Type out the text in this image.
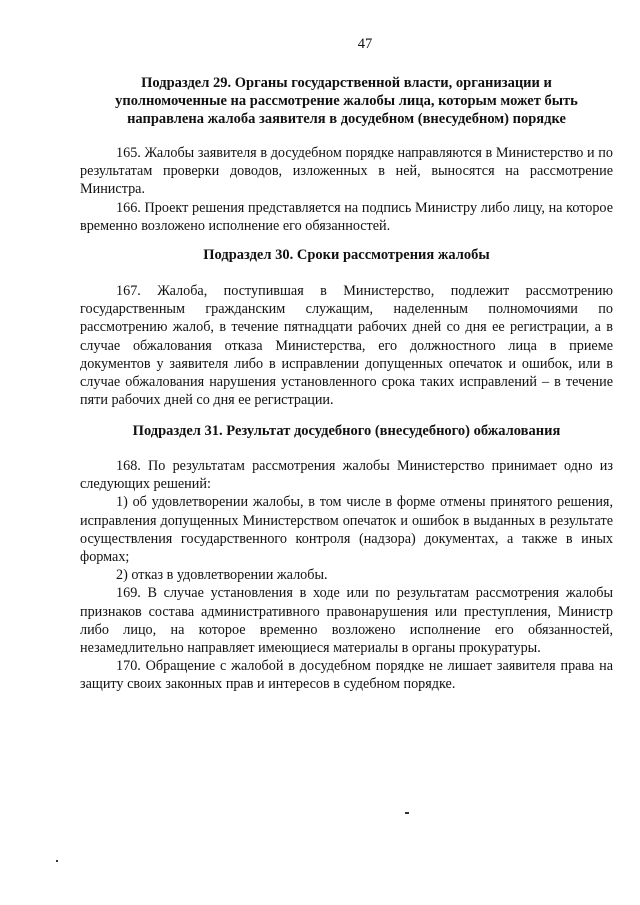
47
Подраздел 29. Органы государственной власти, организации и
уполномоченные на рассмотрение жалобы лица, которым может быть
направлена жалоба заявителя в досудебном (внесудебном) порядке

165. Жалобы заявителя в досудебном порядке направляются в Министерство и по результатам проверки доводов, изложенных в ней, выносятся на рассмотрение Министра.

166. Проект решения представляется на подпись Министру либо лицу, на которое временно возложено исполнение его обязанностей.

Подраздел 30. Сроки рассмотрения жалобы

167. Жалоба, поступившая в Министерство, подлежит рассмотрению государственным гражданским служащим, наделенным полномочиями по рассмотрению жалоб, в течение пятнадцати рабочих дней со дня ее регистрации, а в случае обжалования отказа Министерства, его должностного лица в приеме документов у заявителя либо в исправлении допущенных опечаток и ошибок, или в случае обжалования нарушения установленного срока таких исправлений – в течение пяти рабочих дней со дня ее регистрации.

Подраздел 31. Результат досудебного (внесудебного) обжалования

168. По результатам рассмотрения жалобы Министерство принимает одно из следующих решений:

1) об удовлетворении жалобы, в том числе в форме отмены принятого решения, исправления допущенных Министерством опечаток и ошибок в выданных в результате осуществления государственного контроля (надзора) документах, а также в иных формах;

2) отказ в удовлетворении жалобы.

169. В случае установления в ходе или по результатам рассмотрения жалобы признаков состава административного правонарушения или преступления, Министр либо лицо, на которое временно возложено исполнение его обязанностей, незамедлительно направляет имеющиеся материалы в органы прокуратуры.

170. Обращение с жалобой в досудебном порядке не лишает заявителя права на защиту своих законных прав и интересов в судебном порядке.
